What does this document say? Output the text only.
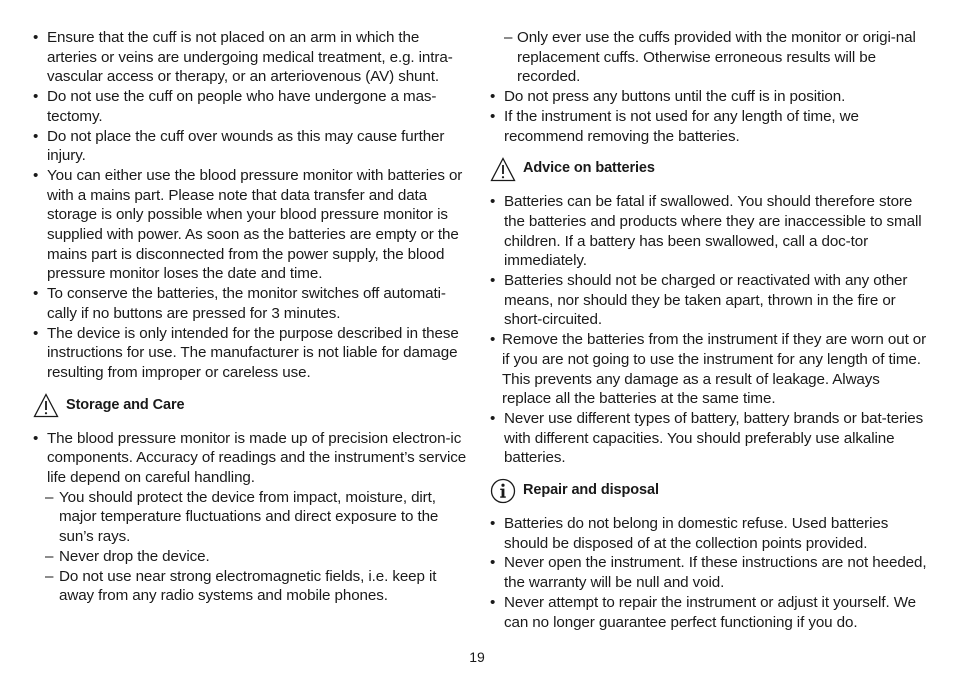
• Ensure that the cuff is not placed on an arm in which the arteries or veins are undergoing medical treatment, e.g. intra-vascular access or therapy, or an arteriovenous (AV) shunt.
• Do not use the cuff on people who have undergone a mas-tectomy.
• Do not place the cuff over wounds as this may cause further injury.
• You can either use the blood pressure monitor with batteries or with a mains part. Please note that data transfer and data storage is only possible when your blood pressure monitor is supplied with power. As soon as the batteries are empty or the mains part is disconnected from the power supply, the blood pressure monitor loses the date and time.
• To conserve the batteries, the monitor switches off automati-cally if no buttons are pressed for 3 minutes.
• The device is only intended for the purpose described in these instructions for use. The manufacturer is not liable for damage resulting from improper or careless use.
Storage and Care
• The blood pressure monitor is made up of precision electron-ic components. Accuracy of readings and the instrument’s service life depend on careful handling.
– You should protect the device from impact, moisture, dirt, major temperature fluctuations and direct exposure to the sun’s rays.
– Never drop the device.
– Do not use near strong electromagnetic fields, i.e. keep it away from any radio systems and mobile phones.
– Only ever use the cuffs provided with the monitor or origi-nal replacement cuffs. Otherwise erroneous results will be recorded.
• Do not press any buttons until the cuff is in position.
• If the instrument is not used for any length of time, we recommend removing the batteries.
Advice on batteries
• Batteries can be fatal if swallowed. You should therefore store the batteries and products where they are inaccessible to small children. If a battery has been swallowed, call a doc-tor immediately.
• Batteries should not be charged or reactivated with any other means, nor should they be taken apart, thrown in the fire or short-circuited.
• Remove the batteries from the instrument if they are worn out or if you are not going to use the instrument for any length of time. This prevents any damage as a result of leakage. Always replace all the batteries at the same time.
• Never use different types of battery, battery brands or bat-teries with different capacities. You should preferably use alkaline batteries.
Repair and disposal
• Batteries do not belong in domestic refuse. Used batteries should be disposed of at the collection points provided.
• Never open the instrument. If these instructions are not heeded, the warranty will be null and void.
• Never attempt to repair the instrument or adjust it yourself. We can no longer guarantee perfect functioning if you do.
19
